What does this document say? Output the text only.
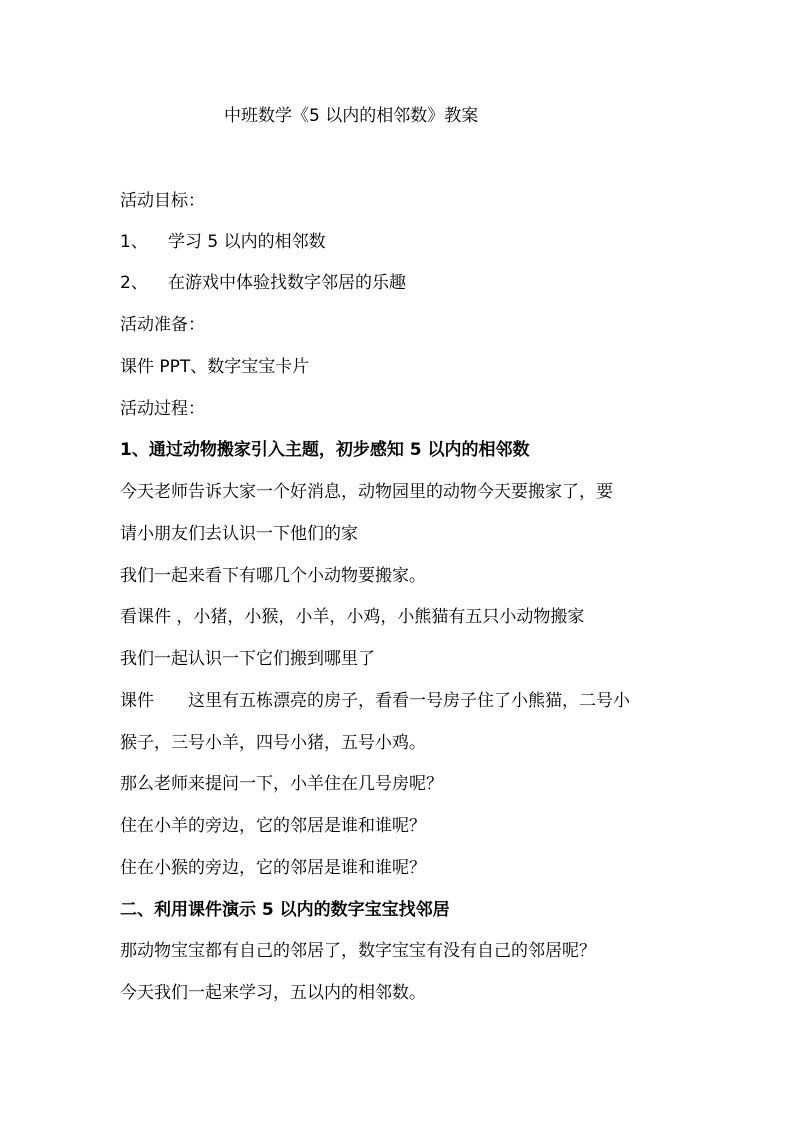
中班数学《5 以内的相邻数》教案
活动目标：
1、 学习 5 以内的相邻数
2、 在游戏中体验找数字邻居的乐趣
活动准备：
课件 PPT、数字宝宝卡片
活动过程：
1、通过动物搬家引入主题，初步感知 5 以内的相邻数
今天老师告诉大家一个好消息，动物园里的动物今天要搬家了，要
请小朋友们去认识一下他们的家
我们一起来看下有哪几个小动物要搬家。
看课件 ，小猪，小猴，小羊，小鸡，小熊猫有五只小动物搬家
我们一起认识一下它们搬到哪里了
课件 这里有五栋漂亮的房子，看看一号房子住了小熊猫，二号小
猴子，三号小羊，四号小猪，五号小鸡。
那么老师来提问一下，小羊住在几号房呢？
住在小羊的旁边，它的邻居是谁和谁呢？
住在小猴的旁边，它的邻居是谁和谁呢？
二、利用课件演示 5 以内的数字宝宝找邻居
那动物宝宝都有自己的邻居了，数字宝宝有没有自己的邻居呢？
今天我们一起来学习，五以内的相邻数。
